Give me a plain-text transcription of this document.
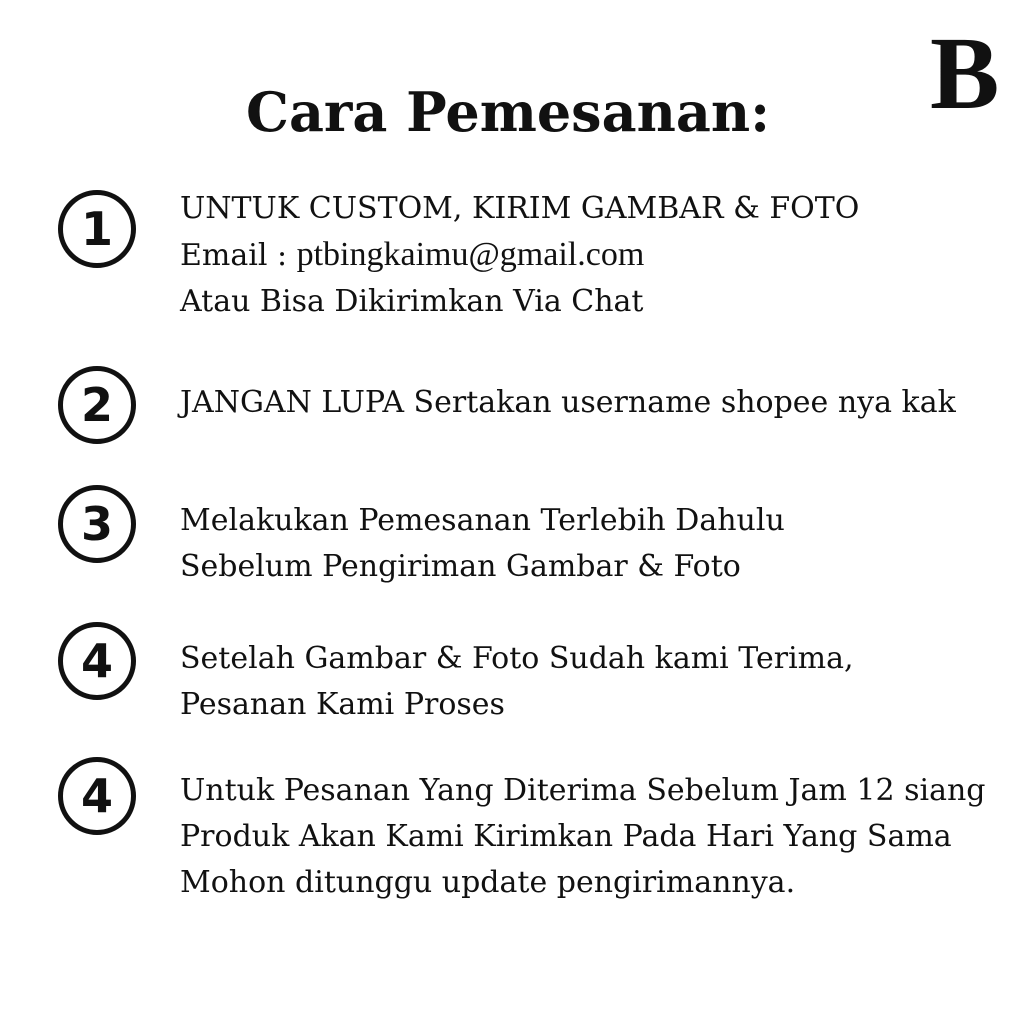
B
Cara Pemesanan:
1	UNTUK CUSTOM, KIRIM GAMBAR & FOTO
Email : ptbingkaimu@gmail.com
Atau Bisa Dikirimkan Via Chat
2	JANGAN LUPA Sertakan username shopee nya kak
3	Melakukan Pemesanan Terlebih Dahulu
Sebelum Pengiriman Gambar & Foto
4	Setelah Gambar & Foto Sudah kami Terima,
Pesanan Kami Proses
4	Untuk Pesanan Yang Diterima Sebelum Jam 12 siang
Produk Akan Kami Kirimkan Pada Hari Yang Sama
Mohon ditunggu update pengirimannya.
